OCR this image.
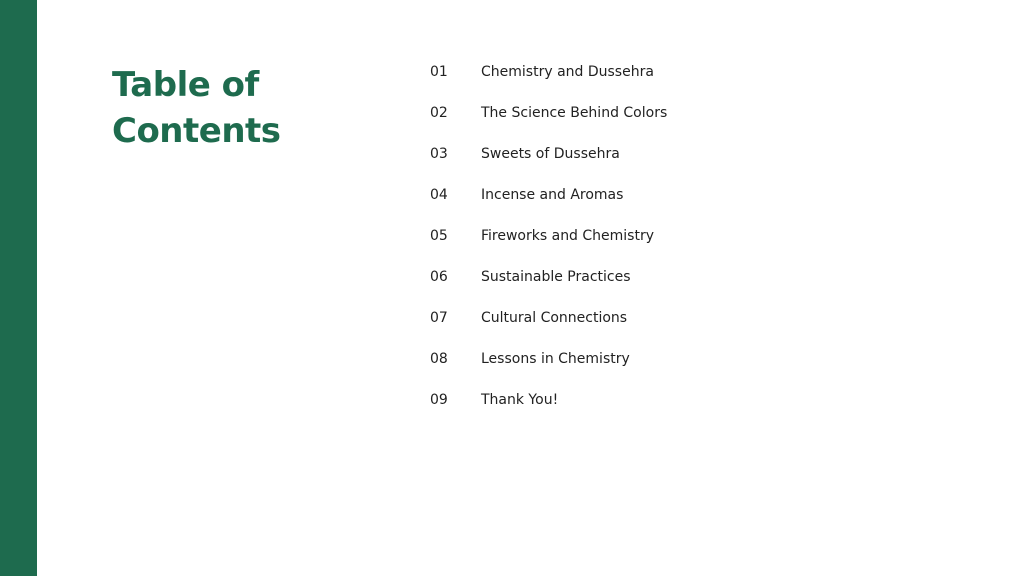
Table of
Contents
01	Chemistry and Dussehra
02	The Science Behind Colors
03	Sweets of Dussehra
04	Incense and Aromas
05	Fireworks and Chemistry
06	Sustainable Practices
07	Cultural Connections
08	Lessons in Chemistry
09	Thank You!
